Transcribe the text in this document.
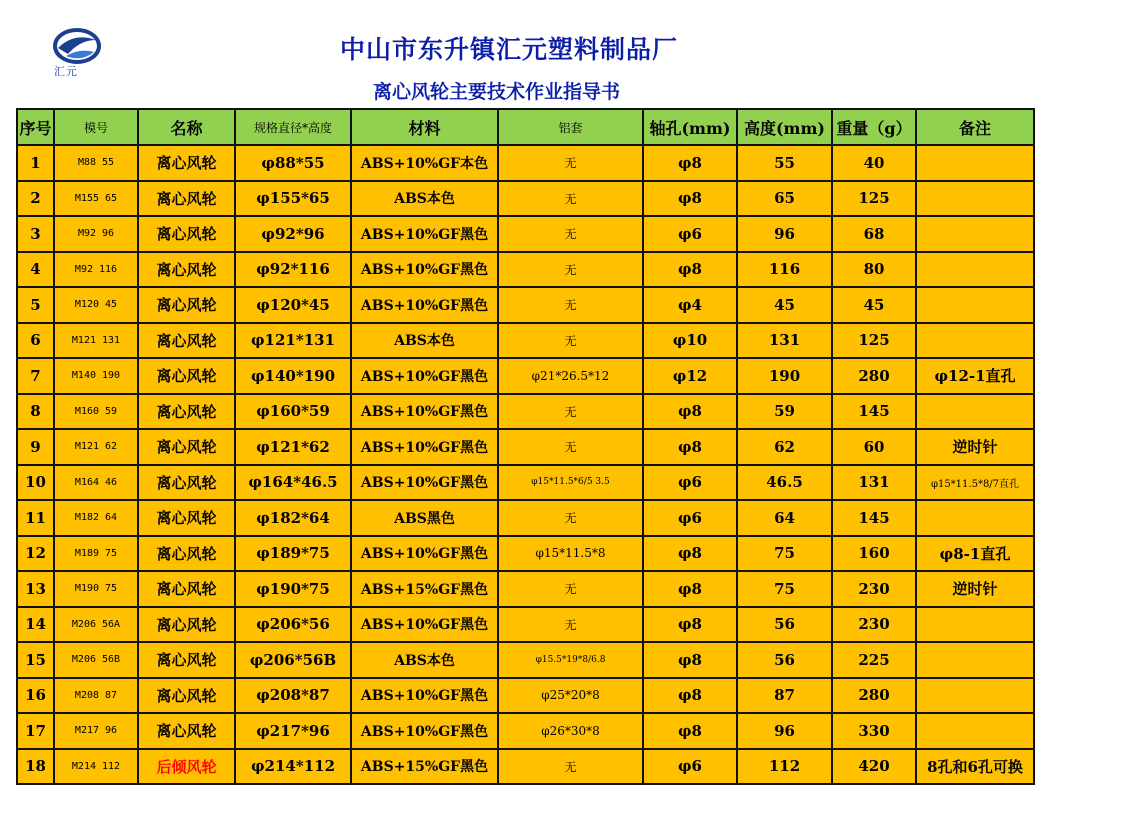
汇元
中山市东升镇汇元塑料制品厂
离心风轮主要技术作业指导书
序号	模号	名称	规格直径*高度	材料	铝套	轴孔(mm)	高度(mm)	重量（g）	备注
1	M88 55	离心风轮	φ88*55	ABS+10%GF本色	无	φ8	55	40	
2	M155 65	离心风轮	φ155*65	ABS本色	无	φ8	65	125	
3	M92 96	离心风轮	φ92*96	ABS+10%GF黑色	无	φ6	96	68	
4	M92 116	离心风轮	φ92*116	ABS+10%GF黑色	无	φ8	116	80	
5	M120 45	离心风轮	φ120*45	ABS+10%GF黑色	无	φ4	45	45	
6	M121 131	离心风轮	φ121*131	ABS本色	无	φ10	131	125	
7	M140 190	离心风轮	φ140*190	ABS+10%GF黑色	φ21*26.5*12	φ12	190	280	φ12-1直孔
8	M160 59	离心风轮	φ160*59	ABS+10%GF黑色	无	φ8	59	145	
9	M121 62	离心风轮	φ121*62	ABS+10%GF黑色	无	φ8	62	60	逆时针
10	M164 46	离心风轮	φ164*46.5	ABS+10%GF黑色	φ15*11.5*6/5 3.5	φ6	46.5	131	φ15*11.5*8/7直孔
11	M182 64	离心风轮	φ182*64	ABS黑色	无	φ6	64	145	
12	M189 75	离心风轮	φ189*75	ABS+10%GF黑色	φ15*11.5*8	φ8	75	160	φ8-1直孔
13	M190 75	离心风轮	φ190*75	ABS+15%GF黑色	无	φ8	75	230	逆时针
14	M206 56A	离心风轮	φ206*56	ABS+10%GF黑色	无	φ8	56	230	
15	M206 56B	离心风轮	φ206*56B	ABS本色	φ15.5*19*8/6.8	φ8	56	225	
16	M208 87	离心风轮	φ208*87	ABS+10%GF黑色	φ25*20*8	φ8	87	280	
17	M217 96	离心风轮	φ217*96	ABS+10%GF黑色	φ26*30*8	φ8	96	330	
18	M214 112	后倾风轮	φ214*112	ABS+15%GF黑色	无	φ6	112	420	8孔和6孔可换
